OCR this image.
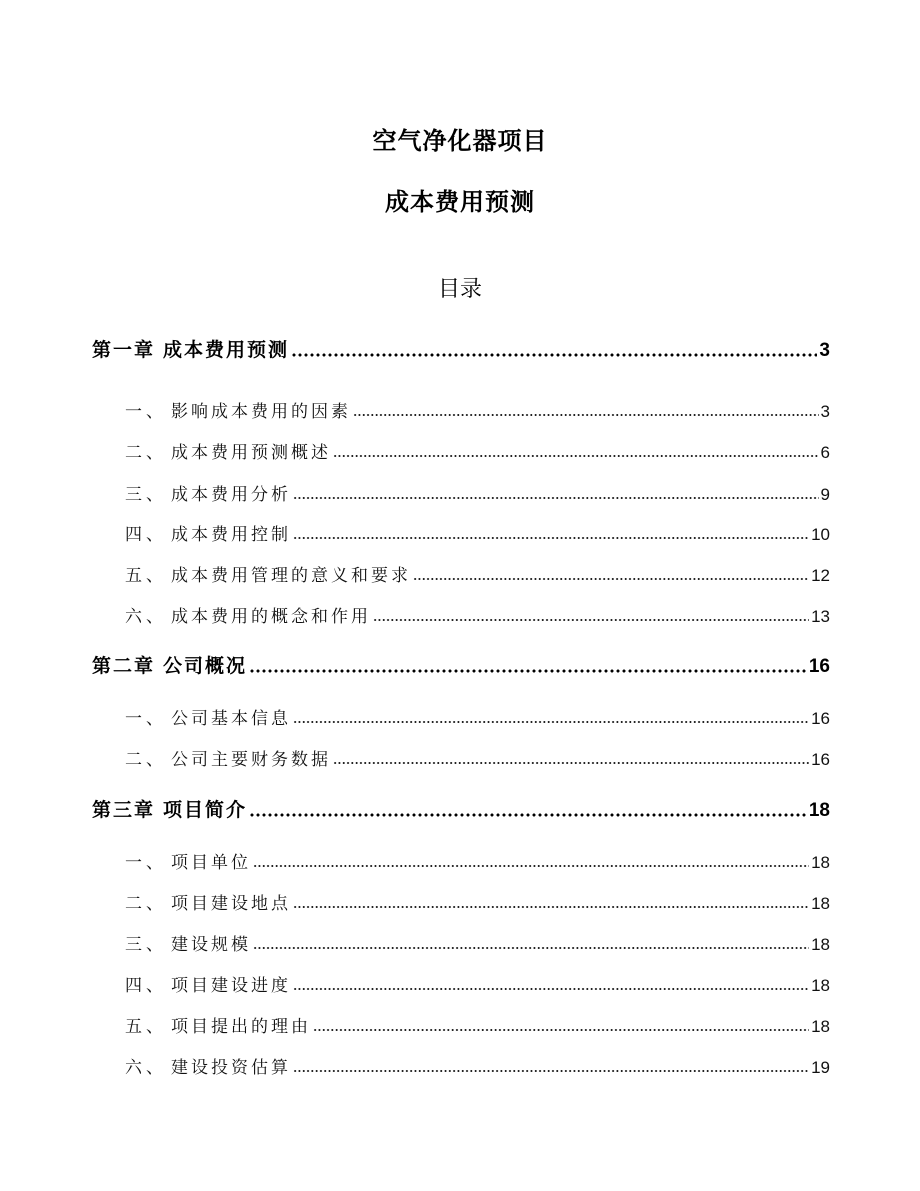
空气净化器项目
成本费用预测
目录
第一章 成本费用预测	3
一、 影响成本费用的因素	3
二、 成本费用预测概述	6
三、 成本费用分析	9
四、 成本费用控制	10
五、 成本费用管理的意义和要求	12
六、 成本费用的概念和作用	13
第二章 公司概况	16
一、 公司基本信息	16
二、 公司主要财务数据	16
第三章 项目简介	18
一、 项目单位	18
二、 项目建设地点	18
三、 建设规模	18
四、 项目建设进度	18
五、 项目提出的理由	18
六、 建设投资估算	19
